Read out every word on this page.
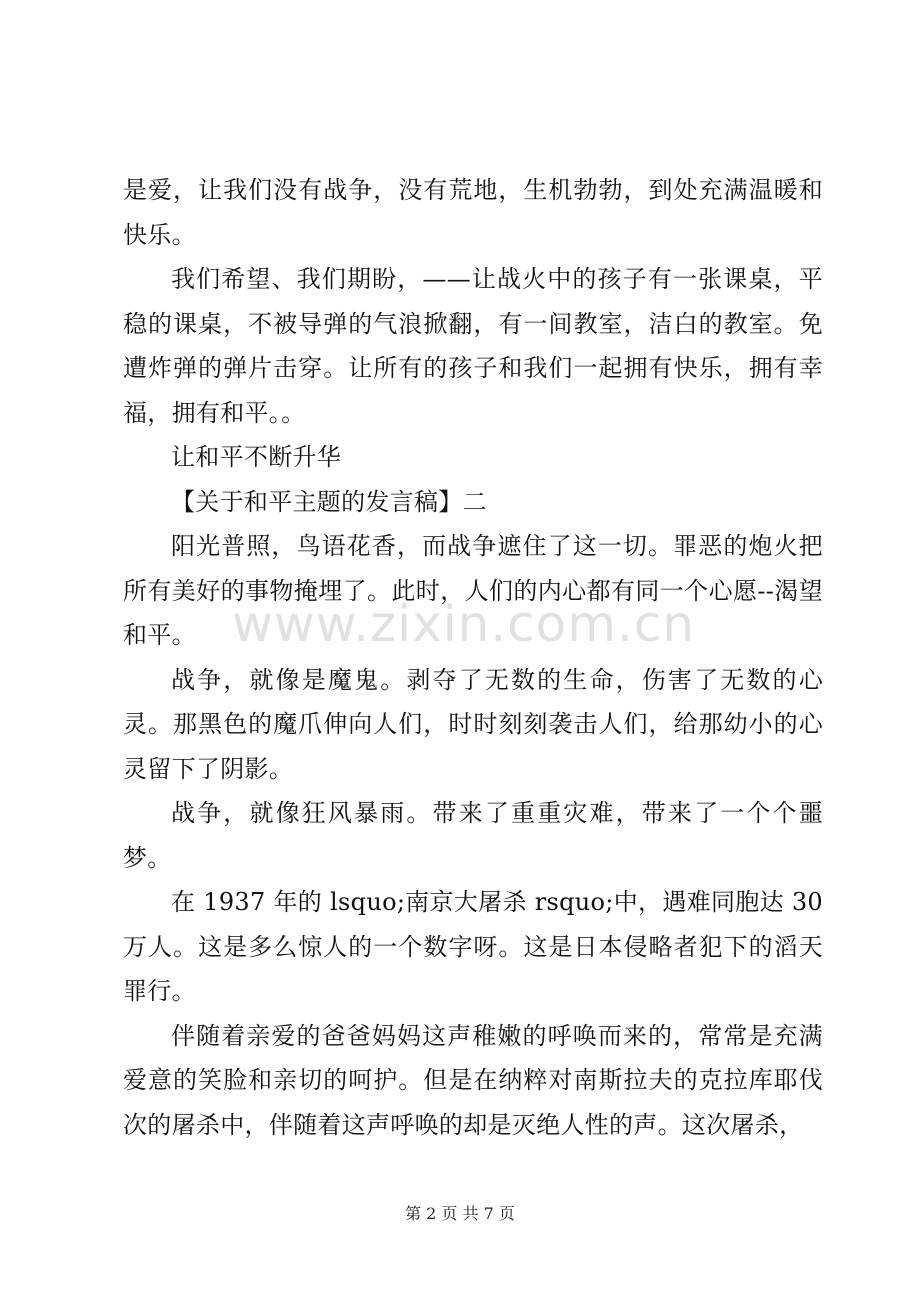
是爱，让我们没有战争，没有荒地，生机勃勃，到处充满温暖和快乐。

我们希望、我们期盼，——让战火中的孩子有一张课桌，平稳的课桌，不被导弹的气浪掀翻，有一间教室，洁白的教室。免遭炸弹的弹片击穿。让所有的孩子和我们一起拥有快乐，拥有幸福，拥有和平。。

让和平不断升华

【关于和平主题的发言稿】二

阳光普照，鸟语花香，而战争遮住了这一切。罪恶的炮火把所有美好的事物掩埋了。此时，人们的内心都有同一个心愿--渴望和平。

战争，就像是魔鬼。剥夺了无数的生命，伤害了无数的心灵。那黑色的魔爪伸向人们，时时刻刻袭击人们，给那幼小的心灵留下了阴影。

战争，就像狂风暴雨。带来了重重灾难，带来了一个个噩梦。

在 1937 年的 lsquo;南京大屠杀 rsquo;中，遇难同胞达 30 万人。这是多么惊人的一个数字呀。这是日本侵略者犯下的滔天罪行。

伴随着亲爱的爸爸妈妈这声稚嫩的呼唤而来的，常常是充满爱意的笑脸和亲切的呵护。但是在纳粹对南斯拉夫的克拉库耶伐次的屠杀中，伴随着这声呼唤的却是灭绝人性的声。这次屠杀，

www.zixin.com.cn
第 2 页 共 7 页
